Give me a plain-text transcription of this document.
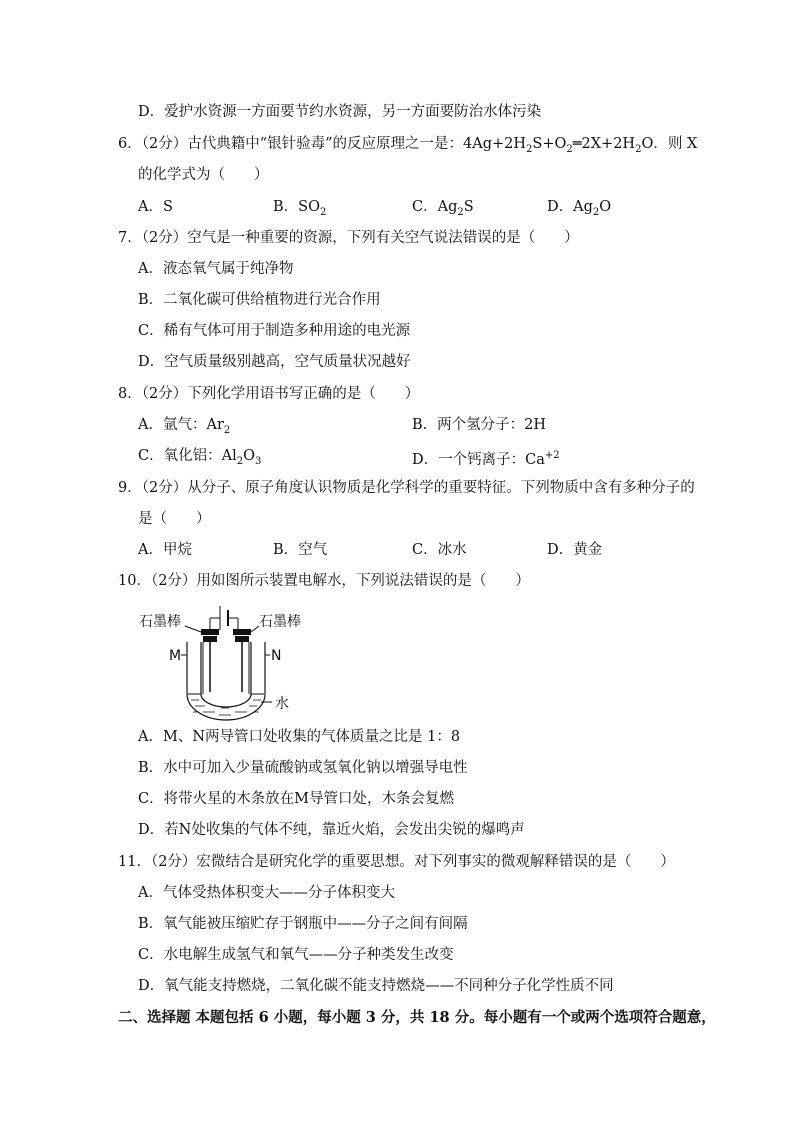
D．爱护水资源一方面要节约水资源，另一方面要防治水体污染
6．（2分）古代典籍中“银针验毒”的反应原理之一是：$4Ag+2H_2S+O_2═2X+2H_2O$．则 X
的化学式为（　　）
A．S	B．$SO_2$	C．$Ag_2S$	D．$Ag_2O$
7．（2分）空气是一种重要的资源，下列有关空气说法错误的是（　　）
A．液态氧气属于纯净物
B．二氧化碳可供给植物进行光合作用
C．稀有气体可用于制造多种用途的电光源
D．空气质量级别越高，空气质量状况越好
8．（2分）下列化学用语书写正确的是（　　）
A．氩气：$Ar_2$	B．两个氢分子：2H
C．氧化铝：$Al_2O_3$	D．一个钙离子：$Ca^{+2}$
9．（2分）从分子、原子角度认识物质是化学科学的重要特征。下列物质中含有多种分子的
是（　　）
A．甲烷	B．空气	C．冰水	D．黄金
10．（2分）用如图所示装置电解水，下列说法错误的是（　　）
石墨棒	石墨棒
M	N
水
A．M、N两导管口处收集的气体质量之比是 1：8
B．水中可加入少量硫酸钠或氢氧化钠以增强导电性
C．将带火星的木条放在M导管口处，木条会复燃
D．若N处收集的气体不纯，靠近火焰，会发出尖锐的爆鸣声
11．（2分）宏微结合是研究化学的重要思想。对下列事实的微观解释错误的是（　　）
A．气体受热体积变大——分子体积变大
B．氧气能被压缩贮存于钢瓶中——分子之间有间隔
C．水电解生成氢气和氧气——分子种类发生改变
D．氧气能支持燃烧，二氧化碳不能支持燃烧——不同种分子化学性质不同
二、选择题 本题包括 6 小题，每小题 3 分，共 18 分。每小题有一个或两个选项符合题意，
